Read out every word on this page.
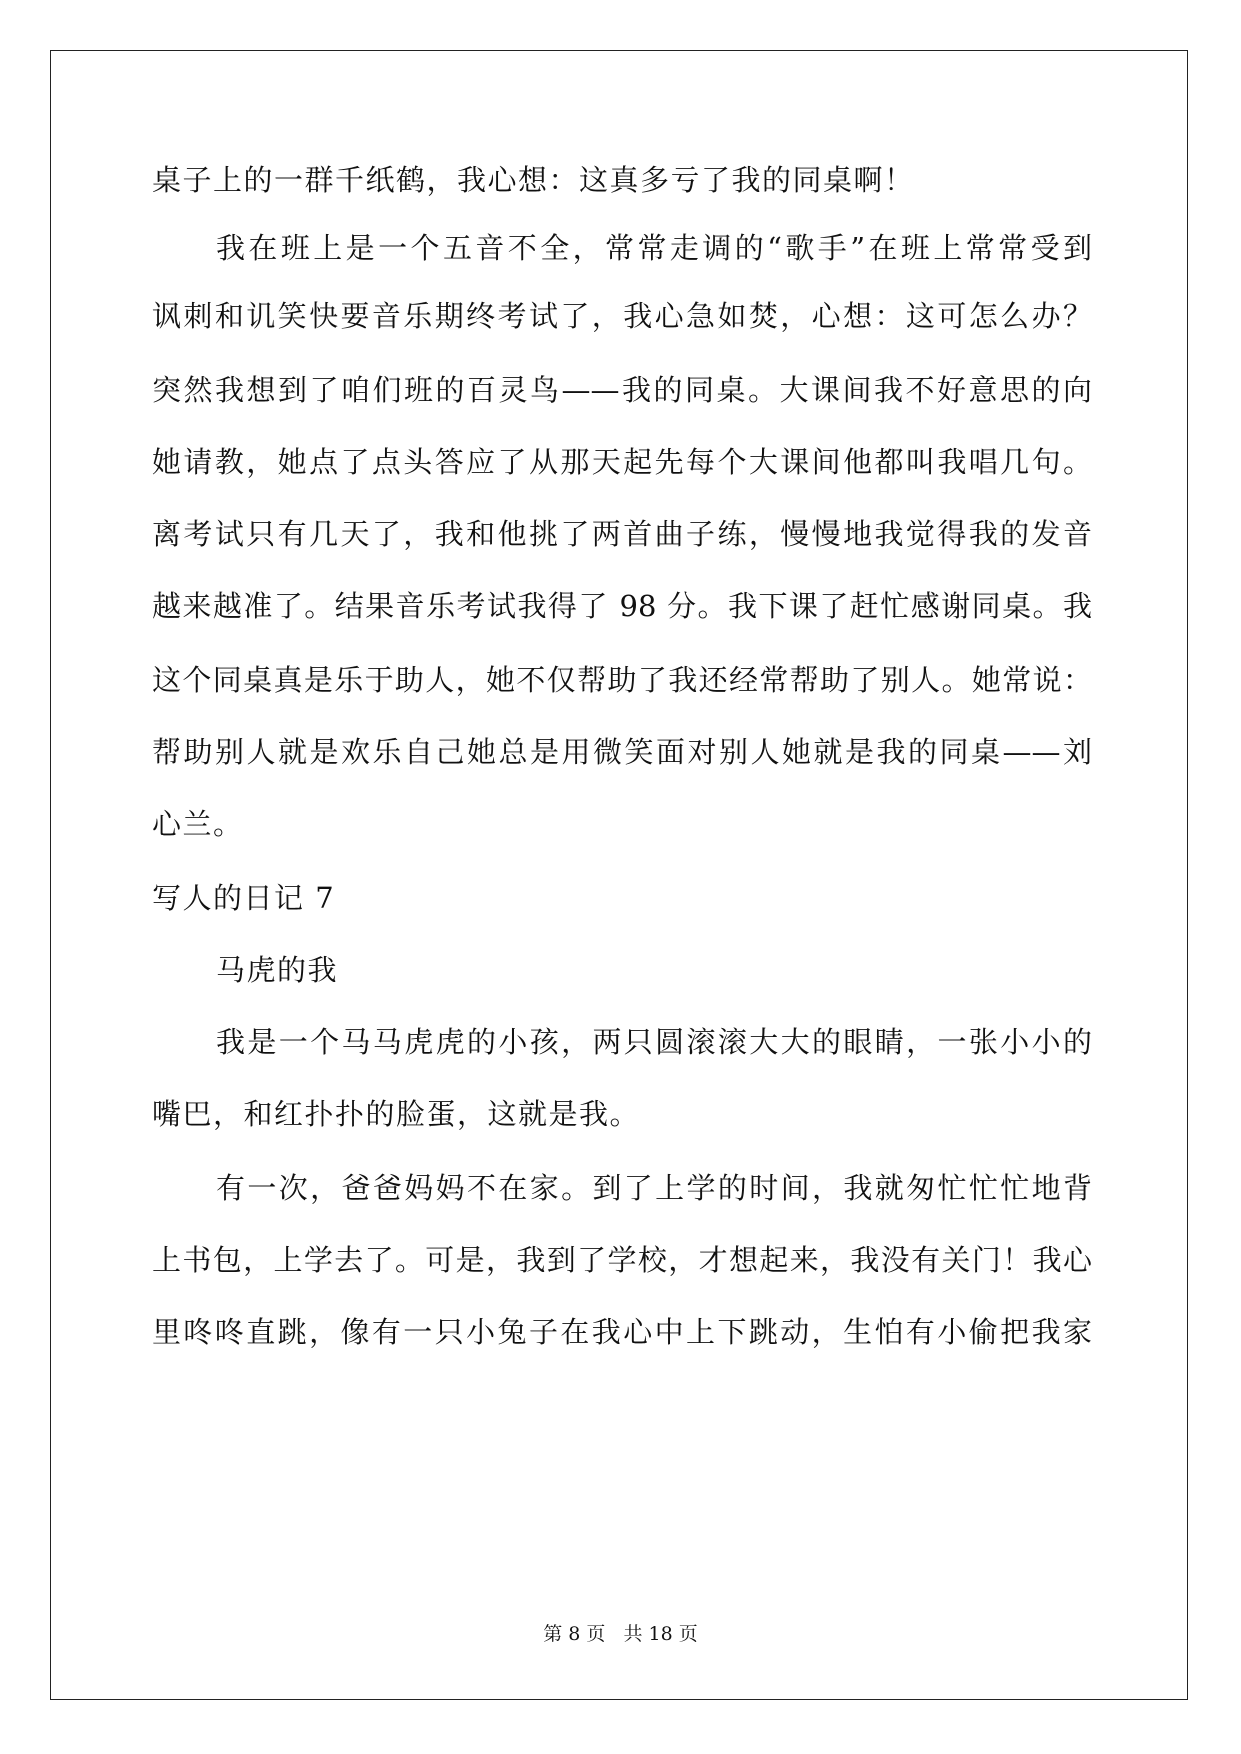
桌子上的一群千纸鹤，我心想：这真多亏了我的同桌啊！
我在班上是一个五音不全，常常走调的“歌手”在班上常常受到
讽刺和讥笑快要音乐期终考试了，我心急如焚，心想：这可怎么办？
突然我想到了咱们班的百灵鸟——我的同桌。大课间我不好意思的向
她请教，她点了点头答应了从那天起先每个大课间他都叫我唱几句。
离考试只有几天了，我和他挑了两首曲子练，慢慢地我觉得我的发音
越来越准了。结果音乐考试我得了 98 分。我下课了赶忙感谢同桌。我
这个同桌真是乐于助人，她不仅帮助了我还经常帮助了别人。她常说：
帮助别人就是欢乐自己她总是用微笑面对别人她就是我的同桌——刘
心兰。
写人的日记 7
马虎的我
我是一个马马虎虎的小孩，两只圆滚滚大大的眼睛，一张小小的
嘴巴，和红扑扑的脸蛋，这就是我。
有一次，爸爸妈妈不在家。到了上学的时间，我就匆忙忙忙地背
上书包，上学去了。可是，我到了学校，才想起来，我没有关门！我心
里咚咚直跳，像有一只小兔子在我心中上下跳动，生怕有小偷把我家
第 8 页 共 18 页
